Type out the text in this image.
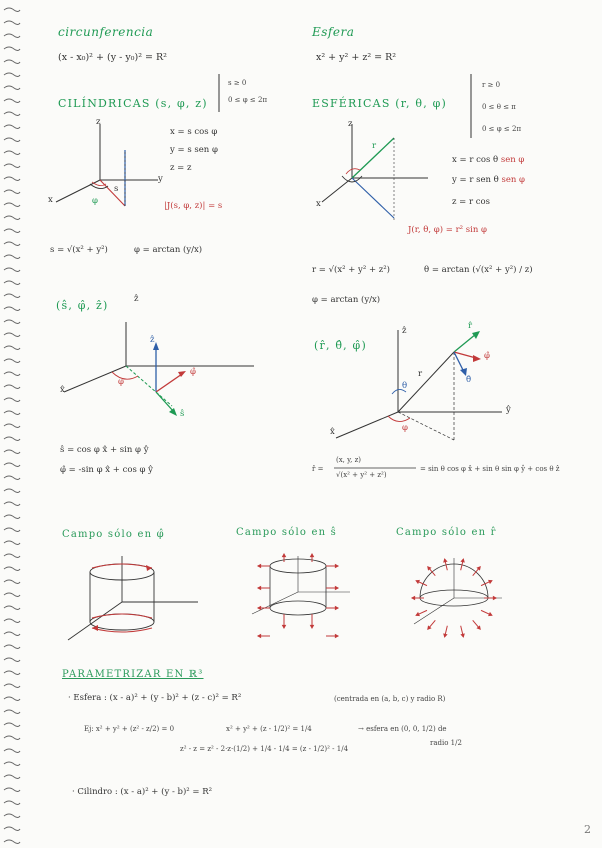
circunferencia
(x - x₀)² + (y - y₀)² = R²
Esfera
x² + y² + z² = R²
CILÍNDRICAS (s, φ, z)
s ≥ 0
0 ≤ φ ≤ 2π
z
y
x
s
φ
x = s cos φ
y = s sen φ
z = z
|J(s, φ, z)| = s
s = √(x² + y²)	φ = arctan (y/x)
ESFÉRICAS (r, θ, φ)
r ≥ 0
0 ≤ θ ≤ π
0 ≤ φ ≤ 2π
z
x
r
x = r cos θ sen φ
y = r sen θ sen φ
z = r cos
J(r, θ, φ) = r² sin φ
r = √(x² + y² + z²)	θ = arctan (√(x² + y²) / z)
φ = arctan (y/x)
(ŝ, φ̂, ẑ)	ẑ
x̂
ẑ
φ̂
ŝ
φ
ŝ = cos φ x̂ + sin φ ŷ
φ̂ = -sin φ x̂ + cos φ ŷ
(r̂, θ̂, φ̂)
ẑ
ŷ
x̂
r̂
φ̂
θ̂
r
θ
φ
r̂ =
(x, y, z)
√(x² + y² + z²)
= sin θ cos φ x̂ + sin θ sin φ ŷ + cos θ ẑ
Campo sólo en φ̂	Campo sólo en ŝ	Campo sólo en r̂
PARAMETRIZAR EN ℝ³
· Esfera : (x - a)² + (y - b)² + (z - c)² = R²	(centrada en (a, b, c) y radio R)
Ej: x² + y² + (z² - z/2) = 0	x² + y² + (z - 1/2)² = 1/4	→ esfera en (0, 0, 1/2) de
radio 1/2
z² - z = z² - 2·z·(1/2) + 1/4 - 1/4 = (z - 1/2)² - 1/4
· Cilindro : (x - a)² + (y - b)² = R²
2
